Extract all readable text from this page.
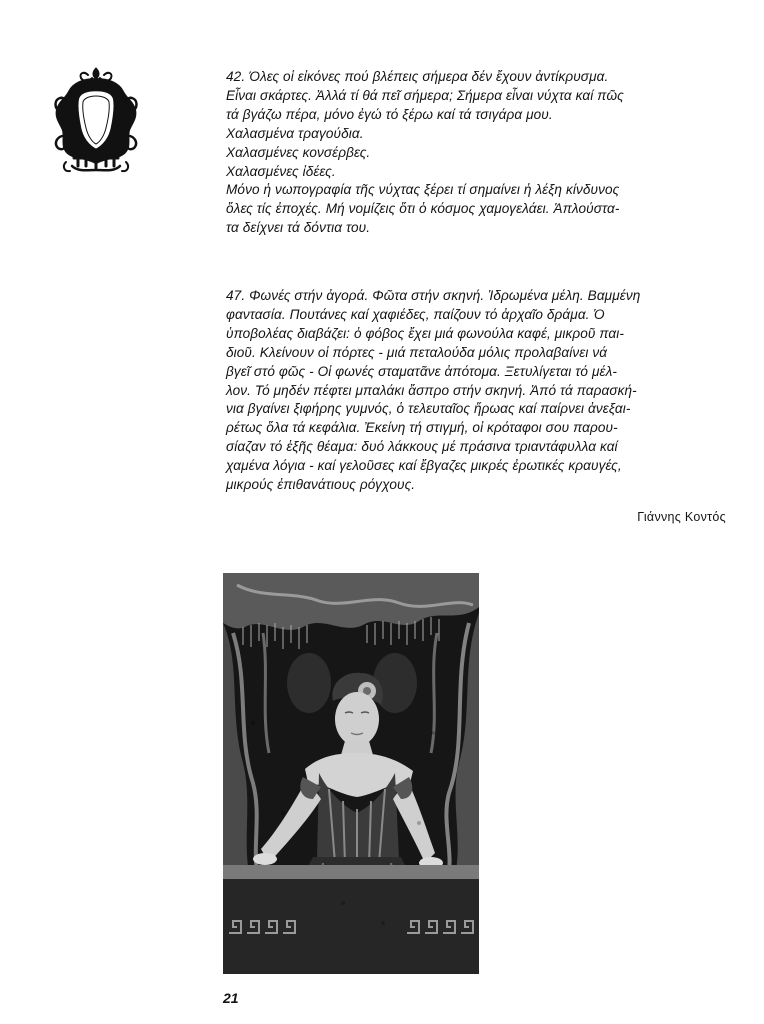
42. Όλες οἱ εἰκόνες πού βλέπεις σήμερα δέν ἔχουν ἀντίκρυσμα.
Εἶναι σκάρτες. Ἀλλά τί θά πεῖ σήμερα; Σήμερα εἶναι νύχτα καί πῶς
τά βγάζω πέρα, μόνο ἐγώ τό ξέρω καί τά τσιγάρα μου.
Χαλασμένα τραγούδια.
Χαλασμένες κονσέρβες.
Χαλασμένες ἰδέες.
Μόνο ἡ νωπογραφία τῆς νύχτας ξέρει τί σημαίνει ἡ λέξη κίνδυνος
ὅλες τίς ἐποχές. Μή νομίζεις ὅτι ὁ κόσμος χαμογελάει. Ἁπλούστα-
τα δείχνει τά δόντια του.
47. Φωνές στήν ἀγορά. Φῶτα στήν σκηνή. Ἱδρωμένα μέλη. Βαμμένη
φαντασία. Πουτάνες καί χαφιέδες, παίζουν τό ἀρχαῖο δράμα. Ὁ
ὑποβολέας διαβάζει: ὁ φόβος ἔχει μιά φωνούλα καφέ, μικροῦ παι-
διοῦ. Κλείνουν οἱ πόρτες - μιά πεταλούδα μόλις προλαβαίνει νά
βγεῖ στό φῶς - Οἱ φωνές σταματᾶνε ἀπότομα. Ξετυλίγεται τό μέλ-
λον. Τό μηδέν πέφτει μπαλάκι ἄσπρο στήν σκηνή. Ἀπό τά παρασκή-
νια βγαίνει ξιφήρης γυμνός, ὁ τελευταῖος ἥρωας καί παίρνει ἀνεξαι-
ρέτως ὅλα τά κεφάλια. Ἐκείνη τή στιγμή, οἱ κρόταφοι σου παρου-
σίαζαν τό ἑξῆς θέαμα: δυό λάκκους μέ πράσινα τριαντάφυλλα καί
χαμένα λόγια - καί γελοῦσες καί ἔβγαζες μικρές ἐρωτικές κραυγές,
μικρούς ἐπιθανάτιους ρόγχους.
Γιάννης Κοντός
21
